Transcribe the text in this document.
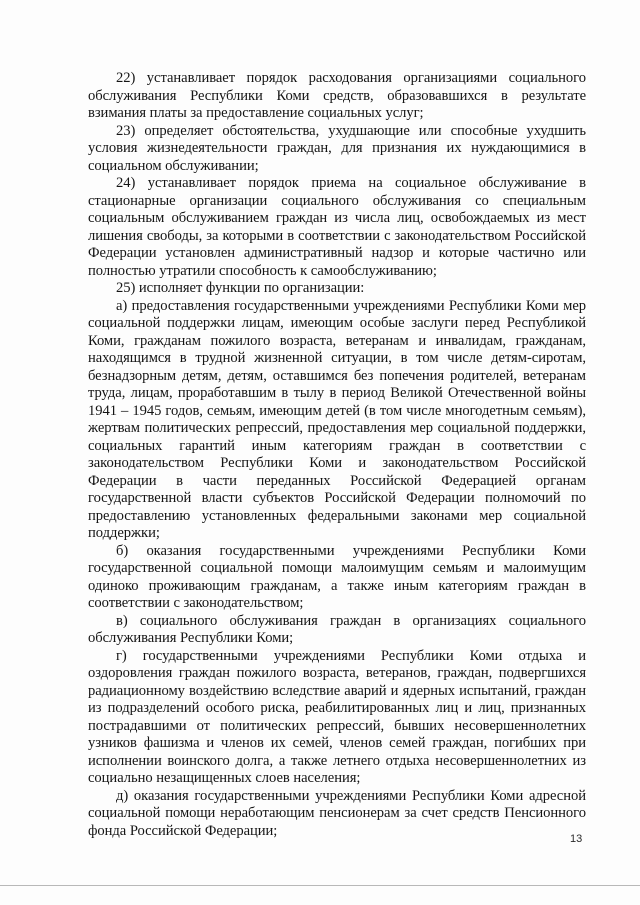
22) устанавливает порядок расходования организациями социального обслуживания Республики Коми средств, образовавшихся в результате взимания платы за предоставление социальных услуг;

23) определяет обстоятельства, ухудшающие или способные ухудшить условия жизнедеятельности граждан, для признания их нуждающимися в социальном обслуживании;

24) устанавливает порядок приема на социальное обслуживание в стационарные организации социального обслуживания со специальным социальным обслуживанием граждан из числа лиц, освобождаемых из мест лишения свободы, за которыми в соответствии с законодательством Российской Федерации установлен административный надзор и которые частично или полностью утратили способность к самообслуживанию;

25) исполняет функции по организации:

а) предоставления государственными учреждениями Республики Коми мер социальной поддержки лицам, имеющим особые заслуги перед Республикой Коми, гражданам пожилого возраста, ветеранам и инвалидам, гражданам, находящимся в трудной жизненной ситуации, в том числе детям-сиротам, безнадзорным детям, детям, оставшимся без попечения родителей, ветеранам труда, лицам, проработавшим в тылу в период Великой Отечественной войны 1941 – 1945 годов, семьям, имеющим детей (в том числе многодетным семьям), жертвам политических репрессий, предоставления мер социальной поддержки, социальных гарантий иным категориям граждан в соответствии с законодательством Республики Коми и законодательством Российской Федерации в части переданных Российской Федерацией органам государственной власти субъектов Российской Федерации полномочий по предоставлению установленных федеральными законами мер социальной поддержки;

б) оказания государственными учреждениями Республики Коми государственной социальной помощи малоимущим семьям и малоимущим одиноко проживающим гражданам, а также иным категориям граждан в соответствии с законодательством;

в) социального обслуживания граждан в организациях социального обслуживания Республики Коми;

г) государственными учреждениями Республики Коми отдыха и оздоровления граждан пожилого возраста, ветеранов, граждан, подвергшихся радиационному воздействию вследствие аварий и ядерных испытаний, граждан из подразделений особого риска, реабилитированных лиц и лиц, признанных пострадавшими от политических репрессий, бывших несовершеннолетних узников фашизма и членов их семей, членов семей граждан, погибших при исполнении воинского долга, а также летнего отдыха несовершеннолетних из социально незащищенных слоев населения;

д) оказания государственными учреждениями Республики Коми адресной социальной помощи неработающим пенсионерам за счет средств Пенсионного фонда Российской Федерации;

13
